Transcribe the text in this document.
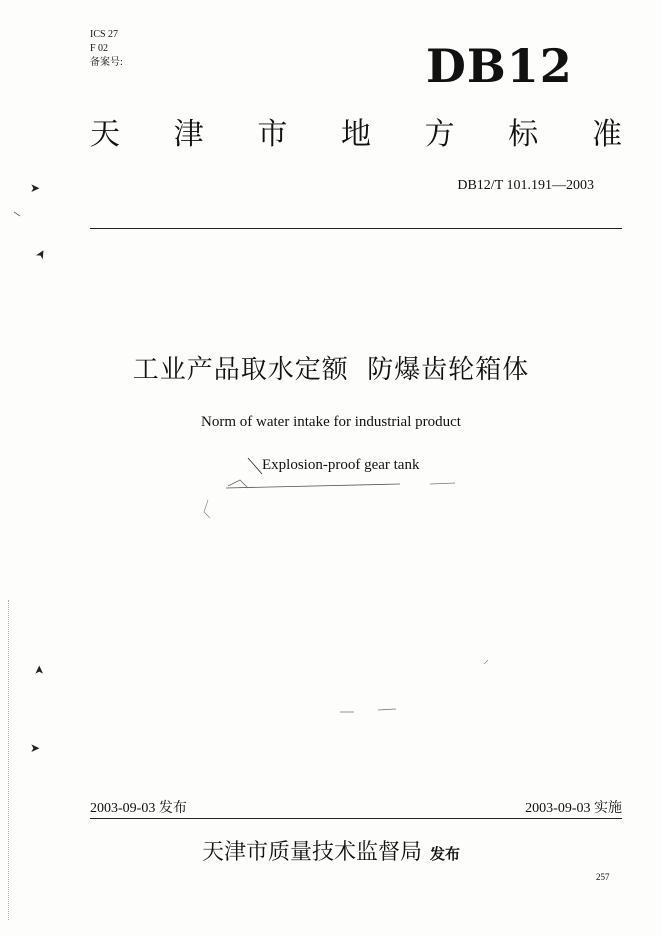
ICS 27
F 02
备案号:	DB12
天 津 市 地 方 标 准
DB12/T 101.191—2003
工业产品取水定额  防爆齿轮箱体
Norm of water intake for industrial product
Explosion-proof gear tank
➤
➤
➤
➤
2003-09-03 发布	2003-09-03 实施
天津市质量技术监督局 发布
257
